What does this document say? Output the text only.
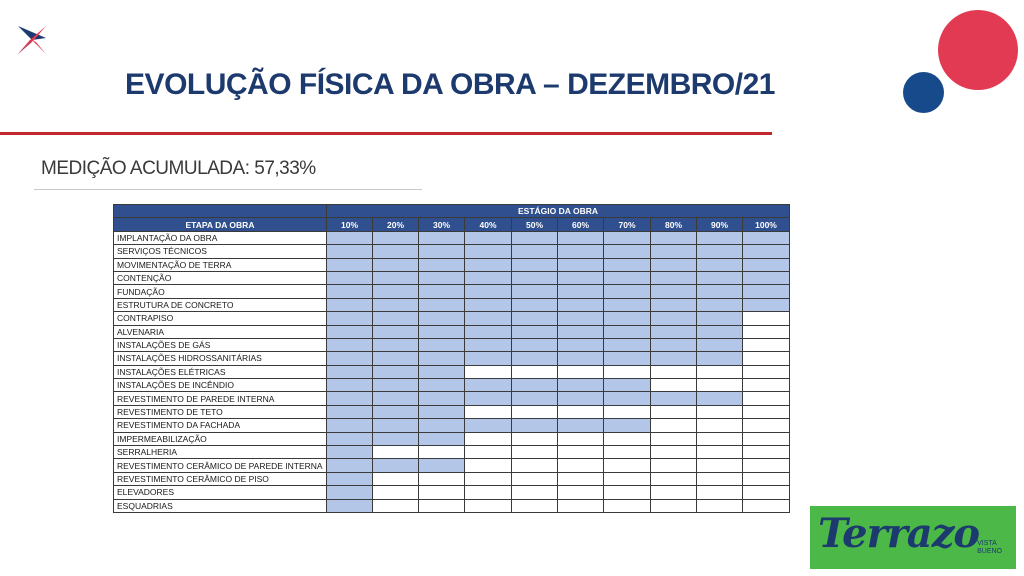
EVOLUÇÃO FÍSICA DA OBRA – DEZEMBRO/21
MEDIÇÃO ACUMULADA: 57,33%
	ESTÁGIO DA OBRA									
ETAPA DA OBRA	10%	20%	30%	40%	50%	60%	70%	80%	90%	100%
IMPLANTAÇÃO DA OBRA										
SERVIÇOS TÉCNICOS										
MOVIMENTAÇÃO DE TERRA										
CONTENÇÃO										
FUNDAÇÃO										
ESTRUTURA DE CONCRETO										
CONTRAPISO										
ALVENARIA										
INSTALAÇÕES DE GÁS										
INSTALAÇÕES HIDROSSANITÁRIAS										
INSTALAÇÕES ELÉTRICAS										
INSTALAÇÕES DE INCÊNDIO										
REVESTIMENTO DE PAREDE INTERNA										
REVESTIMENTO DE TETO										
REVESTIMENTO DA FACHADA										
IMPERMEABILIZAÇÃO										
SERRALHERIA										
REVESTIMENTO CERÂMICO DE PAREDE INTERNA										
REVESTIMENTO CERÂMICO DE PISO										
ELEVADORES										
ESQUADRIAS										
Terrazo
VISTA
BUENO
